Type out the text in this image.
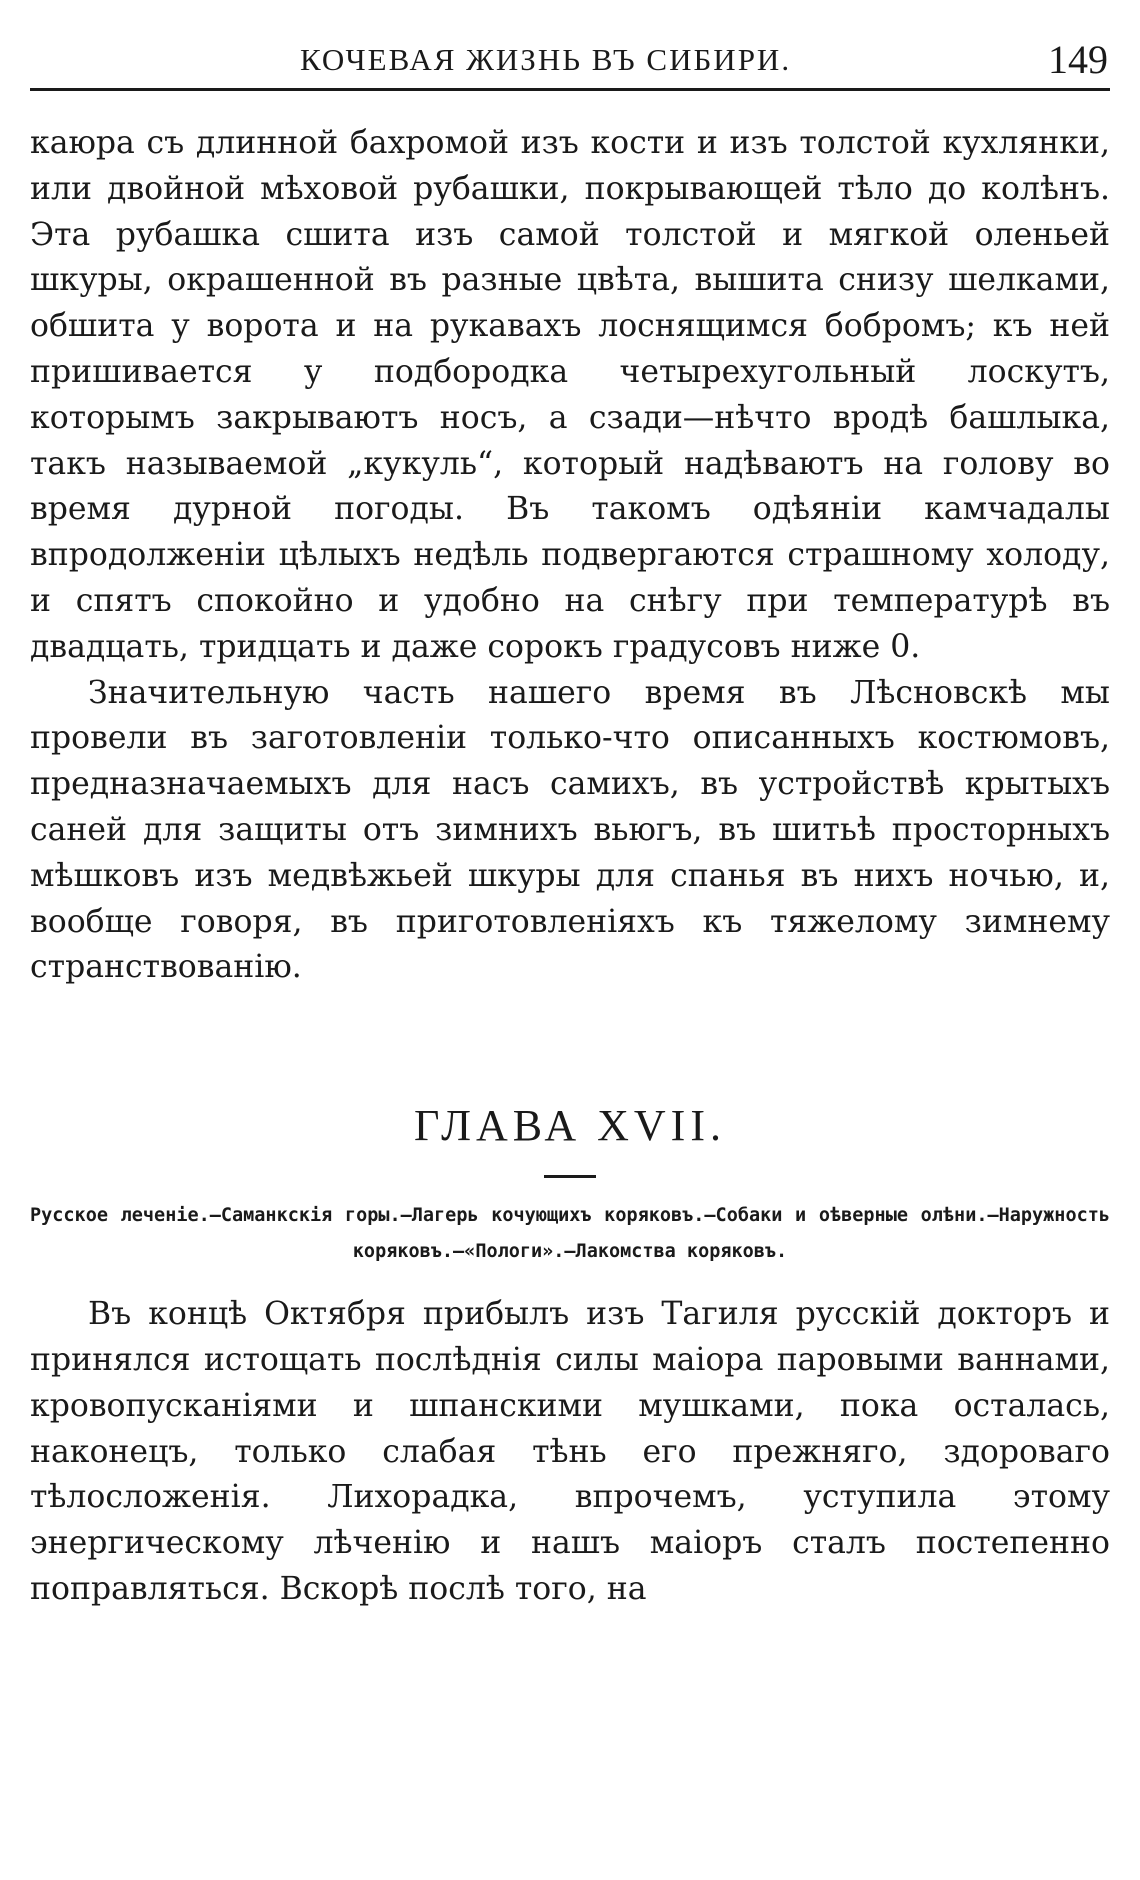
КОЧЕВАЯ ЖИЗНЬ ВЪ СИБИРИ.	149

каюра съ длинной бахромой изъ кости и изъ толстой кухлянки, или двойной мѣховой рубашки, покрывающей тѣло до колѣнъ. Эта рубашка сшита изъ самой толстой и мягкой оленьей шкуры, окрашенной въ разные цвѣта, вышита снизу шелками, обшита у ворота и на рукавахъ лоснящимся бобромъ; къ ней пришивается у подбородка четырехугольный лоскутъ, которымъ закрываютъ носъ, а сзади—нѣчто вродѣ башлыка, такъ называемой „кукуль“, который надѣваютъ на голову во время дурной погоды. Въ такомъ одѣяніи камчадалы впродолженіи цѣлыхъ недѣль подвергаются страшному холоду, и спятъ спокойно и удобно на снѣгу при температурѣ въ двадцать, тридцать и даже сорокъ градусовъ ниже 0.

Значительную часть нашего время въ Лѣсновскѣ мы провели въ заготовленіи только-что описанныхъ костюмовъ, предназначаемыхъ для насъ самихъ, въ устройствѣ крытыхъ саней для защиты отъ зимнихъ вьюгъ, въ шитьѣ просторныхъ мѣшковъ изъ медвѣжьей шкуры для спанья въ нихъ ночью, и, вообще говоря, въ приготовленіяхъ къ тяжелому зимнему странствованію.

ГЛАВА XVII.

Русское леченіе.—Саманкскія горы.—Лагерь кочующихъ коряковъ.—Собаки и оѣверные олѣни.—Наружность коряковъ.—«Пологи».—Лакомства коряковъ.

Въ концѣ Октября прибылъ изъ Тагиля русскій докторъ и принялся истощать послѣднія силы маіора паровыми ваннами, кровопусканіями и шпанскими мушками, пока осталась, наконецъ, только слабая тѣнь его прежняго, здороваго тѣлосложенія. Лихорадка, впрочемъ, уступила этому энергическому лѣченію и нашъ маіоръ сталъ постепенно поправляться. Вскорѣ послѣ того, на
